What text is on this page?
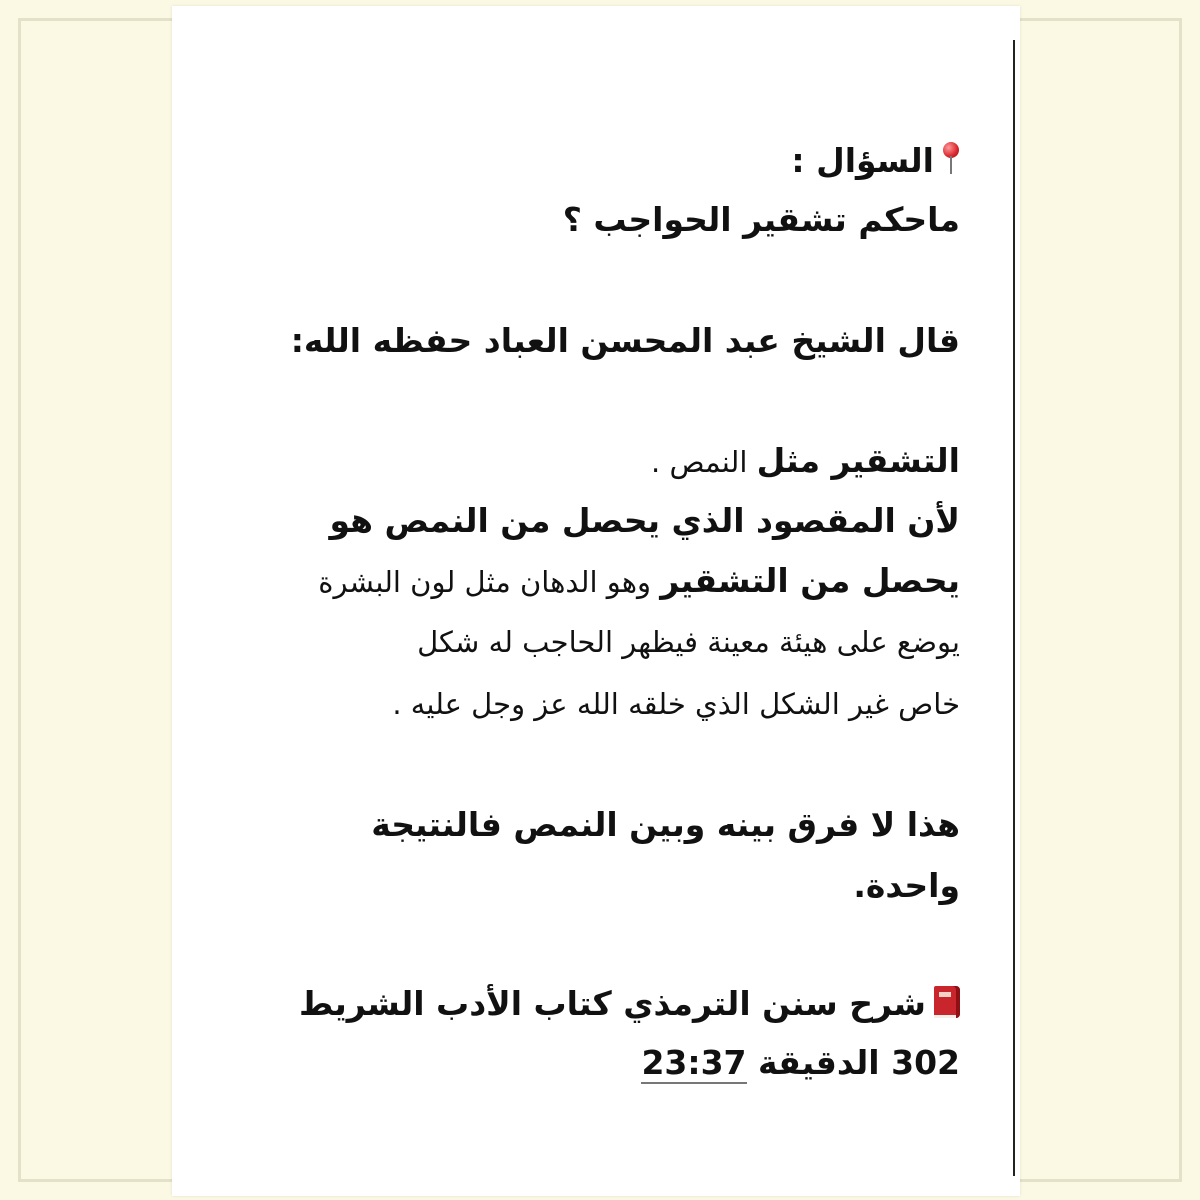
السؤال :
ماحكم تشقير الحواجب ؟
قال الشيخ عبد المحسن العباد حفظه الله:
التشقير مثل النمص .
لأن المقصود الذي يحصل من النمص هو
يحصل من التشقير وهو الدهان مثل لون البشرة
يوضع على هيئة معينة فيظهر الحاجب له شكل
خاص غير الشكل الذي خلقه الله عز وجل عليه .
هذا لا فرق بينه وبين النمص فالنتيجة
واحدة.
شرح سنن الترمذي كتاب الأدب الشريط
302 الدقيقة 23:37
